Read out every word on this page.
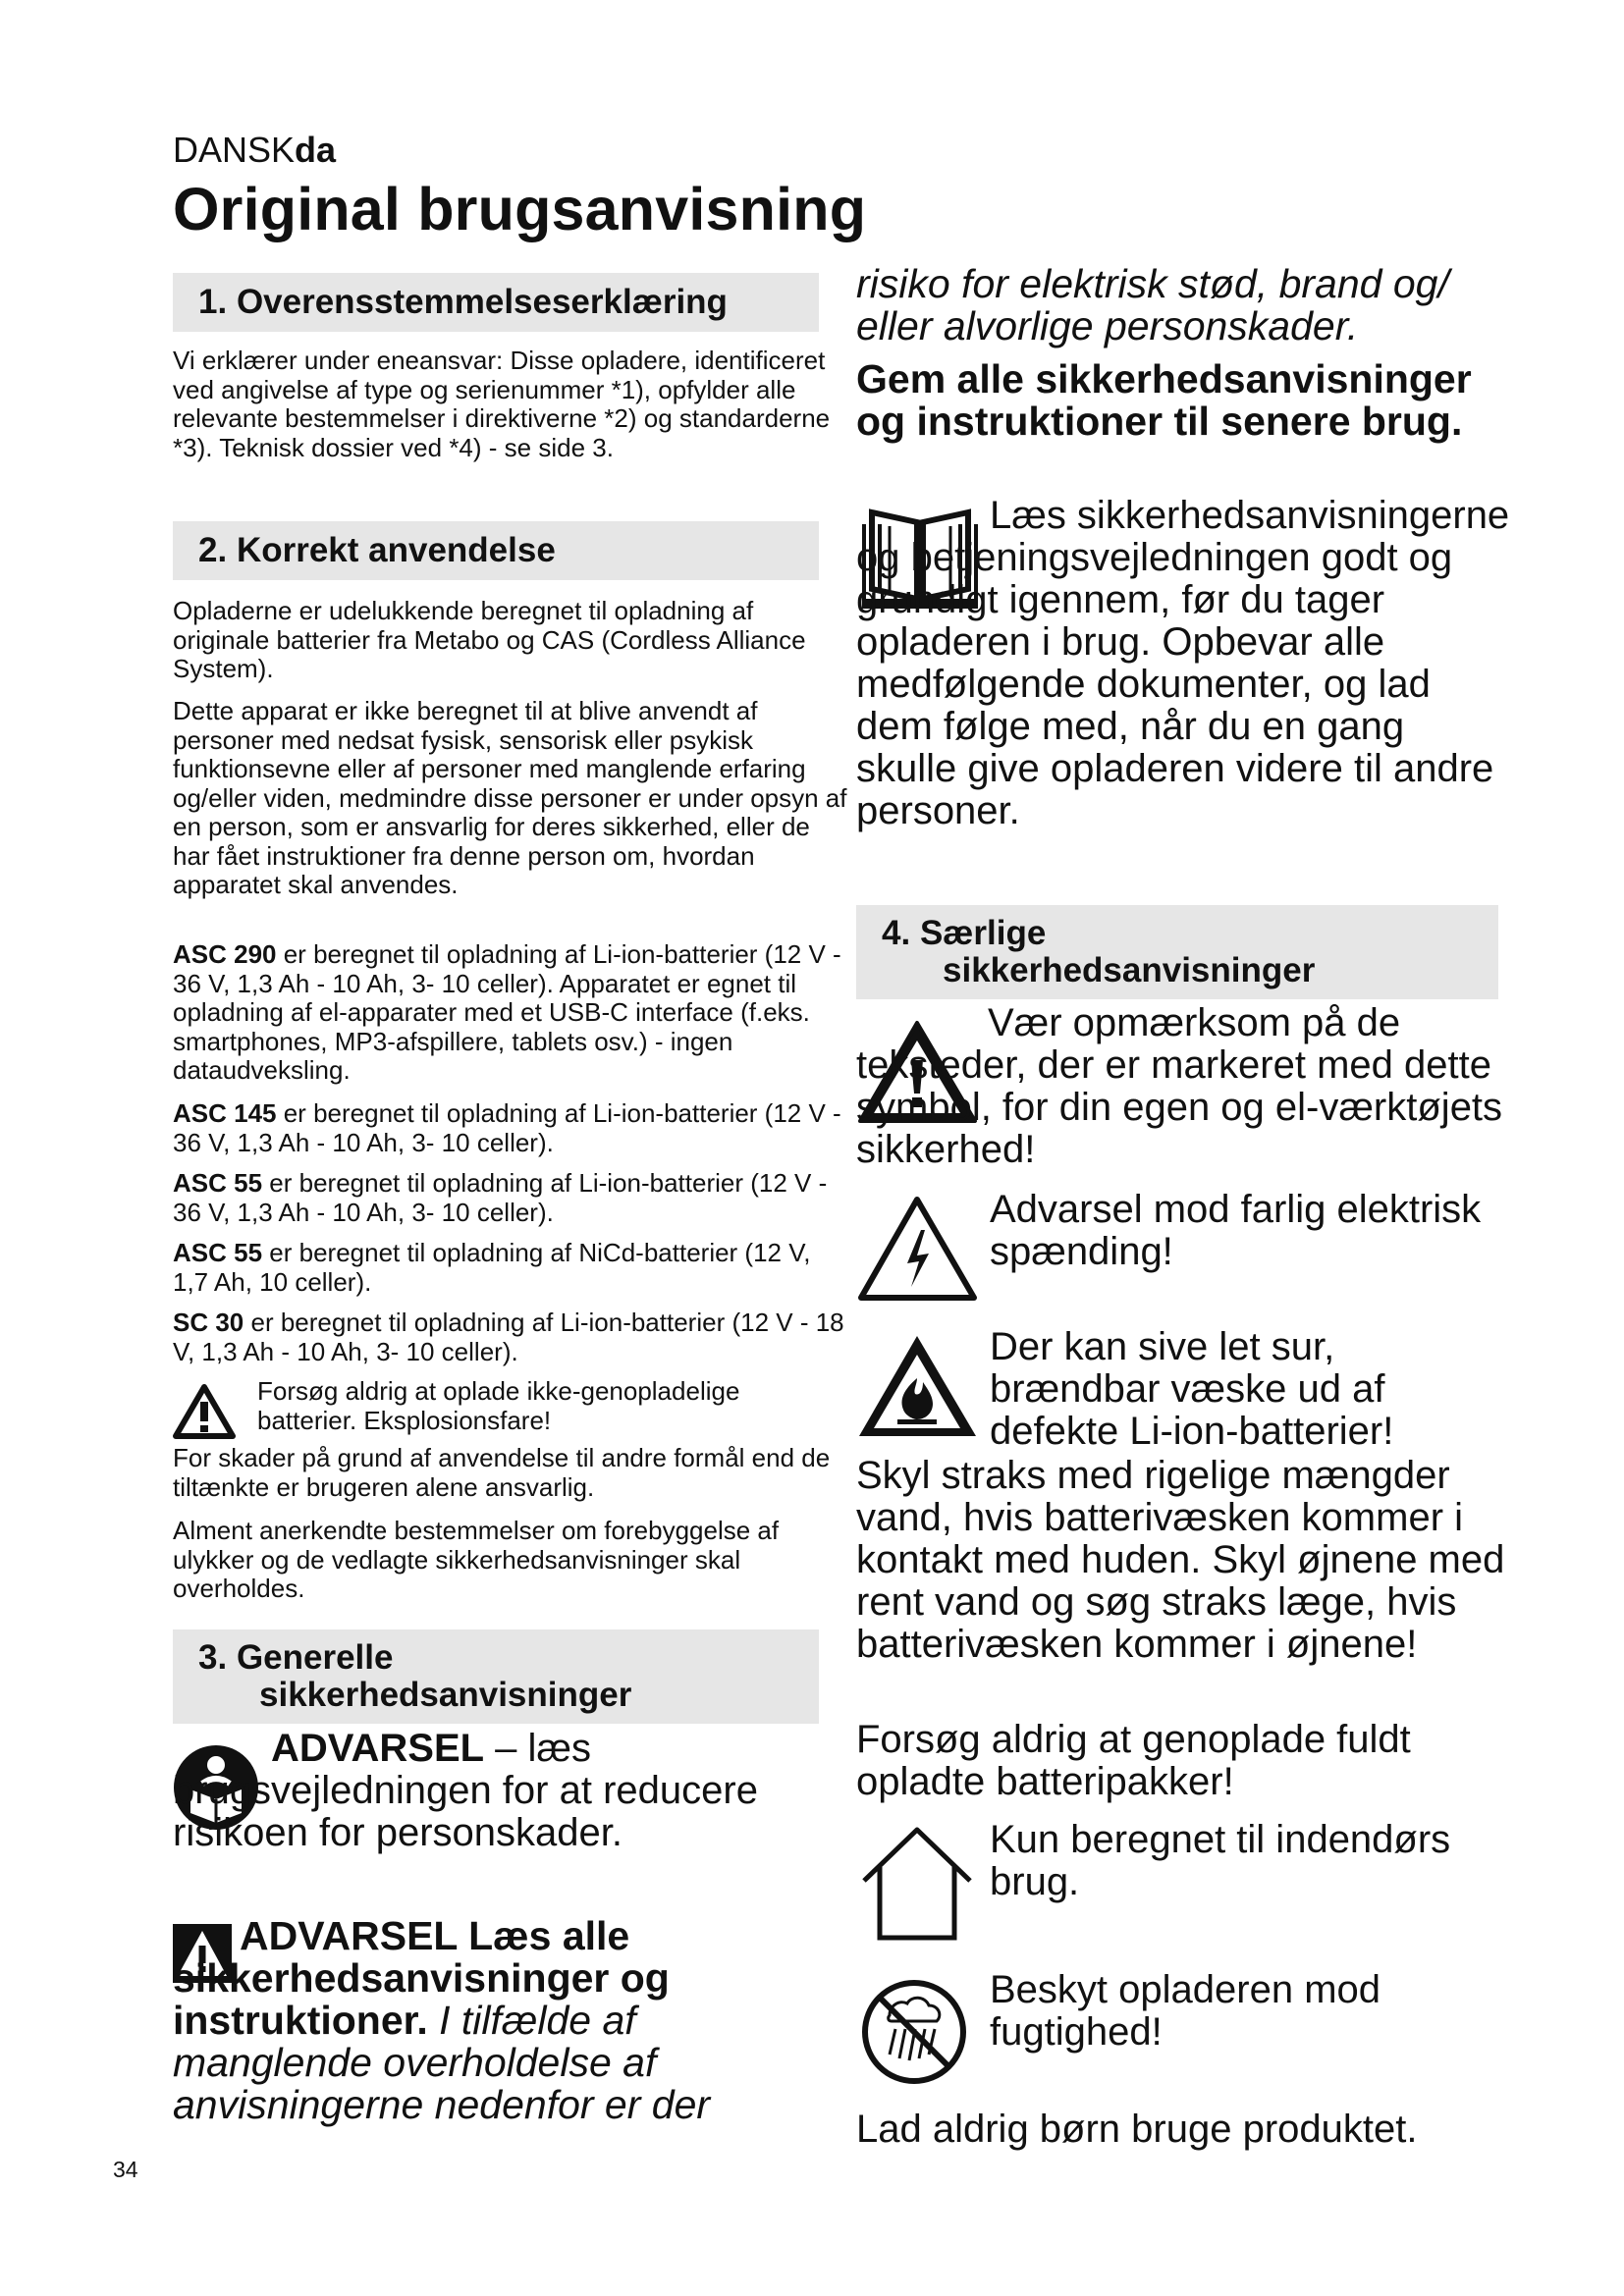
DANSKda
Original brugsanvisning
1. Overensstemmelseserklæring

Vi erklærer under eneansvar: Disse opladere, identificeret ved angivelse af type og serienummer *1), opfylder alle relevante bestemmelser i direktiverne *2) og standarderne *3). Teknisk dossier ved *4) - se side 3.

2. Korrekt anvendelse

Opladerne er udelukkende beregnet til opladning af originale batterier fra Metabo og CAS (Cordless Alliance System).

Dette apparat er ikke beregnet til at blive anvendt af personer med nedsat fysisk, sensorisk eller psykisk funktionsevne eller af personer med manglende erfaring og/eller viden, medmindre disse personer er under opsyn af en person, som er ansvarlig for deres sikkerhed, eller de har fået instruktioner fra denne person om, hvordan apparatet skal anvendes.

ASC 290 er beregnet til opladning af Li-ion-batterier (12 V - 36 V, 1,3 Ah - 10 Ah, 3- 10 celler). Apparatet er egnet til opladning af el-apparater med et USB-C interface (f.eks. smartphones, MP3-afspillere, tablets osv.) - ingen dataudveksling.

ASC 145 er beregnet til opladning af Li-ion-batterier (12 V - 36 V, 1,3 Ah - 10 Ah, 3- 10 celler).

ASC 55 er beregnet til opladning af Li-ion-batterier (12 V - 36 V, 1,3 Ah - 10 Ah, 3- 10 celler).

ASC 55 er beregnet til opladning af NiCd-batterier (12 V, 1,7 Ah, 10 celler).

SC 30 er beregnet til opladning af Li-ion-batterier (12 V - 18 V, 1,3 Ah - 10 Ah, 3- 10 celler).

Forsøg aldrig at oplade ikke-genopladelige batterier. Eksplosionsfare!

For skader på grund af anvendelse til andre formål end de tiltænkte er brugeren alene ansvarlig.

Alment anerkendte bestemmelser om forebyggelse af ulykker og de vedlagte sikkerhedsanvisninger skal overholdes.

3. Generelle
sikkerhedsanvisninger
ADVARSEL – læs brugsvejledningen for at reducere risikoen for personskader.
ADVARSEL Læs alle sikkerhedsanvisninger og instruktioner. I tilfælde af manglende overholdelse af anvisningerne nedenfor er der
34

risiko for elektrisk stød, brand og/ eller alvorlige personskader.

Gem alle sikkerhedsanvisninger og instruktioner til senere brug.

Læs sikkerhedsanvisningerne og betjeningsvejledningen godt og grundigt igennem, før du tager opladeren i brug. Opbevar alle medfølgende dokumenter, og lad dem følge med, når du en gang skulle give opladeren videre til andre personer.
4. Særlige
sikkerhedsanvisninger
Vær opmærksom på de teksteder, der er markeret med dette symbol, for din egen og el-værktøjets sikkerhed!
Advarsel mod farlig elektrisk spænding!
Der kan sive let sur, brændbar væske ud af defekte Li-ion-batterier!
Skyl straks med rigelige mængder vand, hvis batterivæsken kommer i kontakt med huden. Skyl øjnene med rent vand og søg straks læge, hvis batterivæsken kommer i øjnene!
Forsøg aldrig at genoplade fuldt opladte batteripakker!
Kun beregnet til indendørs brug.
Beskyt opladeren mod fugtighed!
Lad aldrig børn bruge produktet.
